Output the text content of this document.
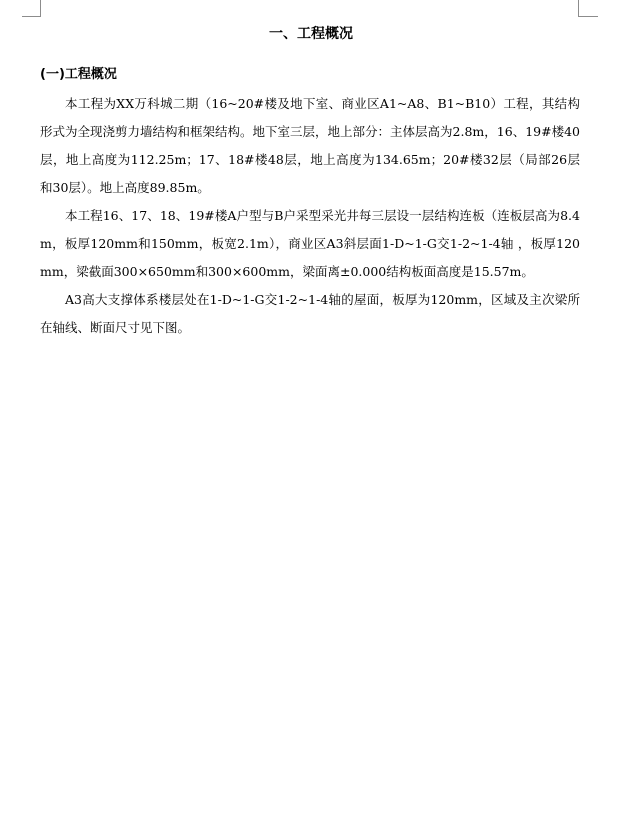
一、工程概况
(一)工程概况

本工程为XX万科城二期（16~20#楼及地下室、商业区A1~A8、B1~B10）工程，其结构形式为全现浇剪力墙结构和框架结构。地下室三层，地上部分：主体层高为2.8m，16、19#楼40层，地上高度为112.25m；17、18#楼48层，地上高度为134.65m；20#楼32层（局部26层和30层）。地上高度89.85m。

本工程16、17、18、19#楼A户型与B户采型采光井每三层设一层结构连板（连板层高为8.4m，板厚120mm和150mm，板宽2.1m），商业区A3斜层面1-D~1-G交1-2~1-4轴 ，板厚120mm，梁截面300×650mm和300×600mm，梁面离±0.000结构板面高度是15.57m。

A3高大支撑体系楼层处在1-D~1-G交1-2~1-4轴的屋面，板厚为120mm，区域及主次梁所在轴线、断面尺寸见下图。
